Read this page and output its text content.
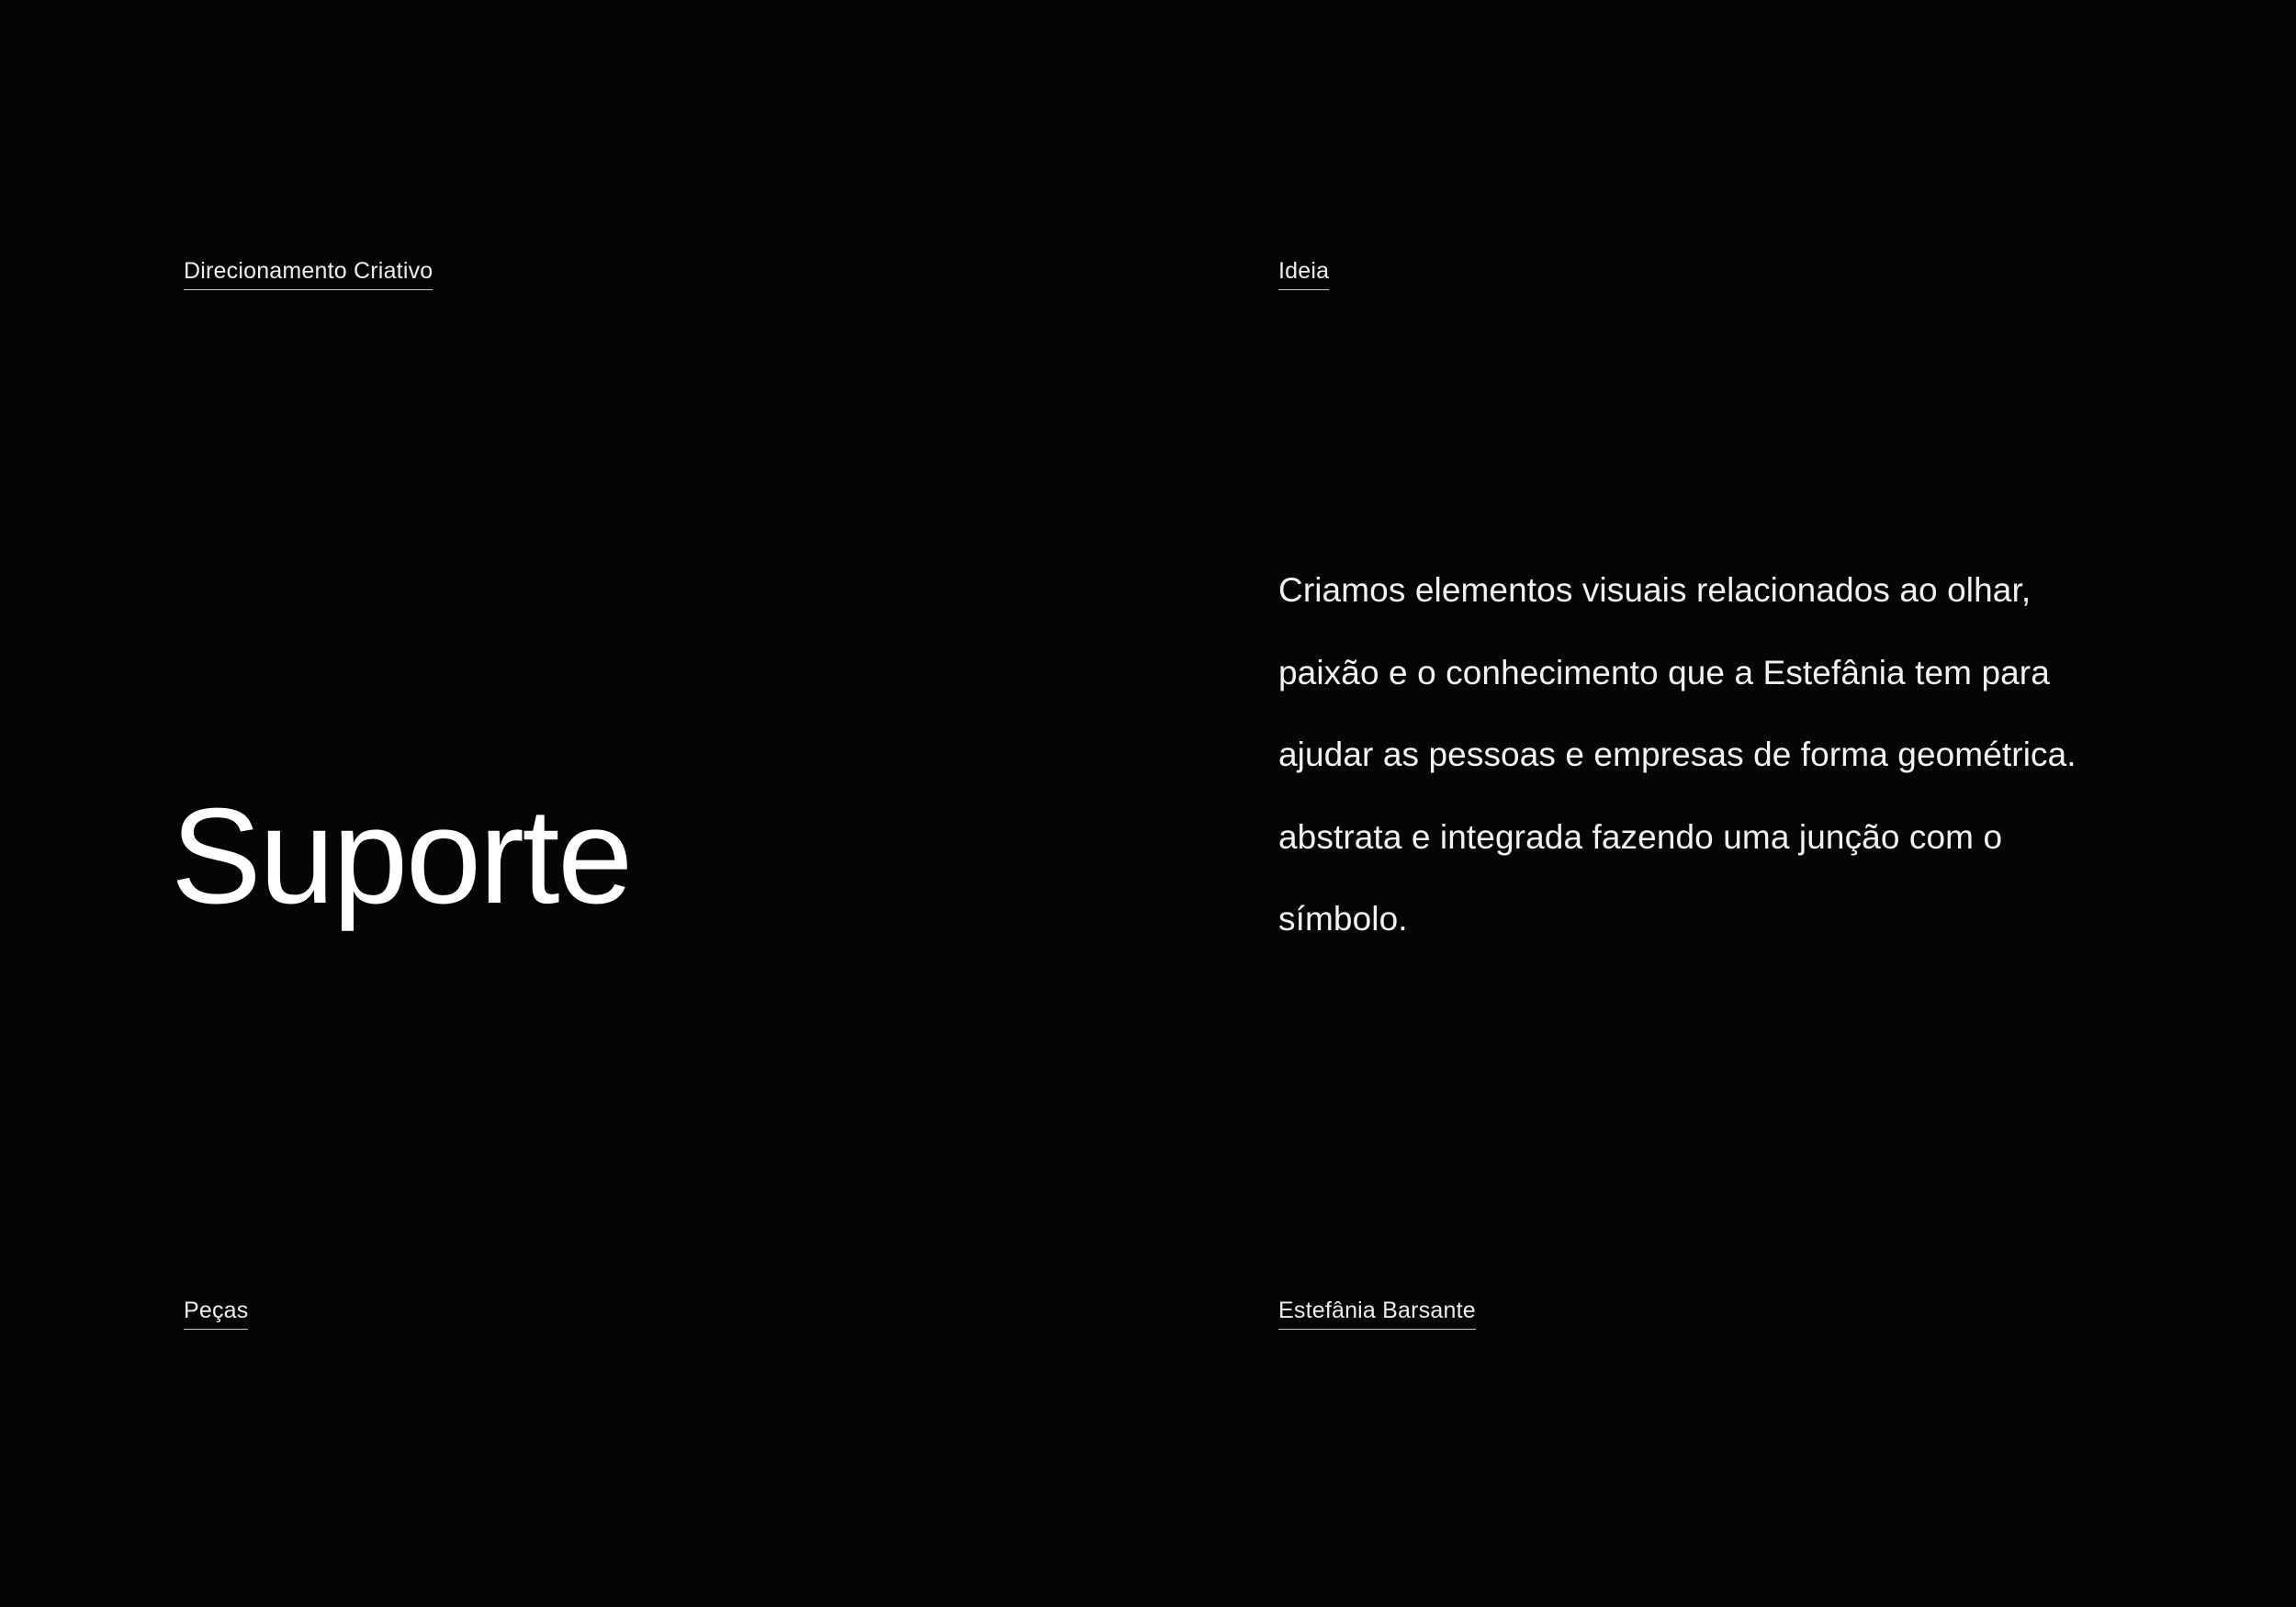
Direcionamento Criativo	Ideia
Suporte

Criamos elementos visuais relacionados ao olhar, paixão e o conhecimento que a Estefânia tem para ajudar as pessoas e empresas de forma geométrica. abstrata e integrada fazendo uma junção com o símbolo.

Peças	Estefânia Barsante
